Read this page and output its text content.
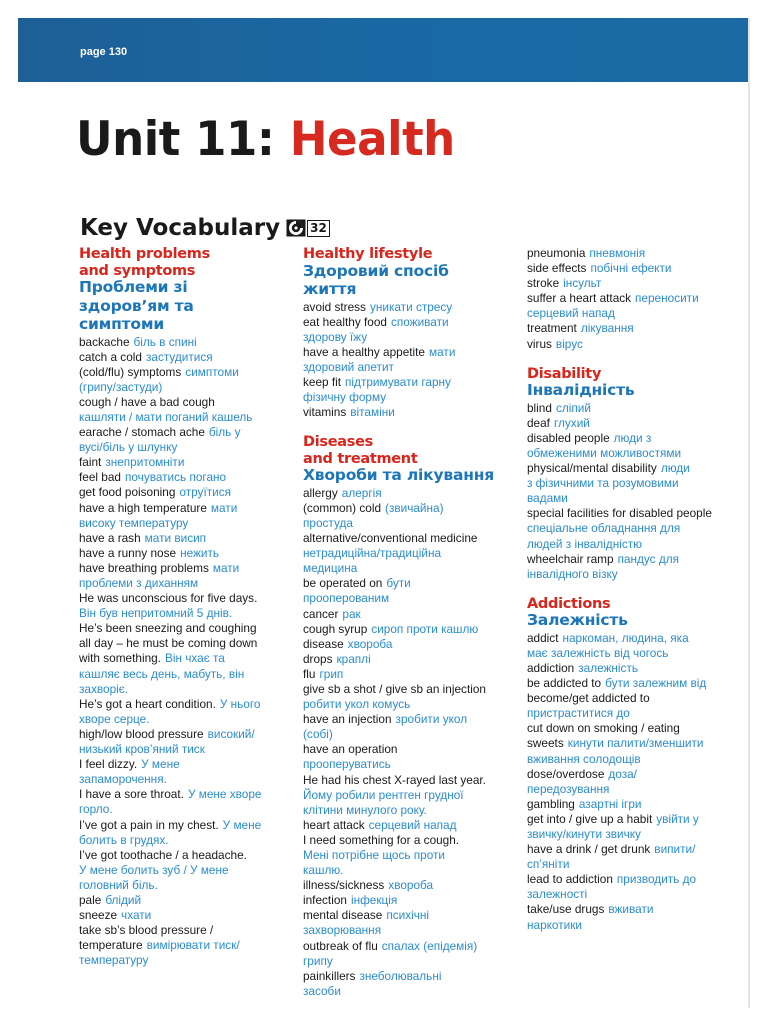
page 130
Unit 11: Health
Key Vocabulary	32
Health problems
and symptoms
Проблеми зі
здоров’ям та
симптоми
backache біль в спині
catch a cold застудитися
(cold/flu) symptoms симптоми
(грипу/застуди)
cough / have a bad cough
кашляти / мати поганий кашель
earache / stomach ache біль у
вусі/біль у шлунку
faint знепритомніти
feel bad почуватись погано
get food poisoning отруїтися
have a high temperature мати
високу температуру
have a rash мати висип
have a runny nose нежить
have breathing problems мати
проблеми з диханням
He was unconscious for five days.
Він був непритомний 5 днів.
He’s been sneezing and coughing
all day – he must be coming down
with something. Він чхає та
кашляє весь день, мабуть, він
захворіє.
He’s got a heart condition. У нього
хворе серце.
high/low blood pressure високий/
низький кров’яний тиск
I feel dizzy. У мене
запаморочення.
I have a sore throat. У мене хворе
горло.
I’ve got a pain in my chest. У мене
болить в грудях.
I’ve got toothache / a headache.
У мене болить зуб / У мене
головний біль.
pale блідий
sneeze чхати
take sb’s blood pressure /
temperature вимірювати тиск/
температуру
Healthy lifestyle
Здоровий спосіб
життя
avoid stress уникати стресу
eat healthy food споживати
здорову їжу
have a healthy appetite мати
здоровий апетит
keep fit підтримувати гарну
фізичну форму
vitamins вітаміни
Diseases
and treatment
Хвороби та лікування
allergy алергія
(common) cold (звичайна)
простуда
alternative/conventional medicine
нетрадиційна/традиційна
медицина
be operated on бути
прооперованим
cancer рак
cough syrup сироп проти кашлю
disease хвороба
drops краплі
flu грип
give sb a shot / give sb an injection
робити укол комусь
have an injection зробити укол
(собі)
have an operation
прооперуватись
He had his chest X-rayed last year.
Йому робили рентген грудної
клітини минулого року.
heart attack серцевий напад
I need something for a cough.
Мені потрібне щось проти
кашлю.
illness/sickness хвороба
infection інфекція
mental disease психічні
захворювання
outbreak of flu спалах (епідемія)
грипу
painkillers знеболювальні
засоби
pneumonia пневмонія
side effects побічні ефекти
stroke інсульт
suffer a heart attack переносити
серцевий напад
treatment лікування
virus вірус
Disability
Інвалідність
blind сліпий
deaf глухий
disabled people люди з
обмеженими можливостями
physical/mental disability люди
з фізичними та розумовими
вадами
special facilities for disabled people
спеціальне обладнання для
людей з інвалідністю
wheelchair ramp пандус для
інвалідного візку
Addictions
Залежність
addict наркоман, людина, яка
має залежність від чогось
addiction залежність
be addicted to бути залежним від
become/get addicted to
пристраститися до
cut down on smoking / eating
sweets кинути палити/зменшити
вживання солодощів
dose/overdose доза/
передозування
gambling азартні ігри
get into / give up a habit увійти у
звичку/кинути звичку
have a drink / get drunk випити/
сп’яніти
lead to addiction призводить до
залежності
take/use drugs вживати
наркотики
